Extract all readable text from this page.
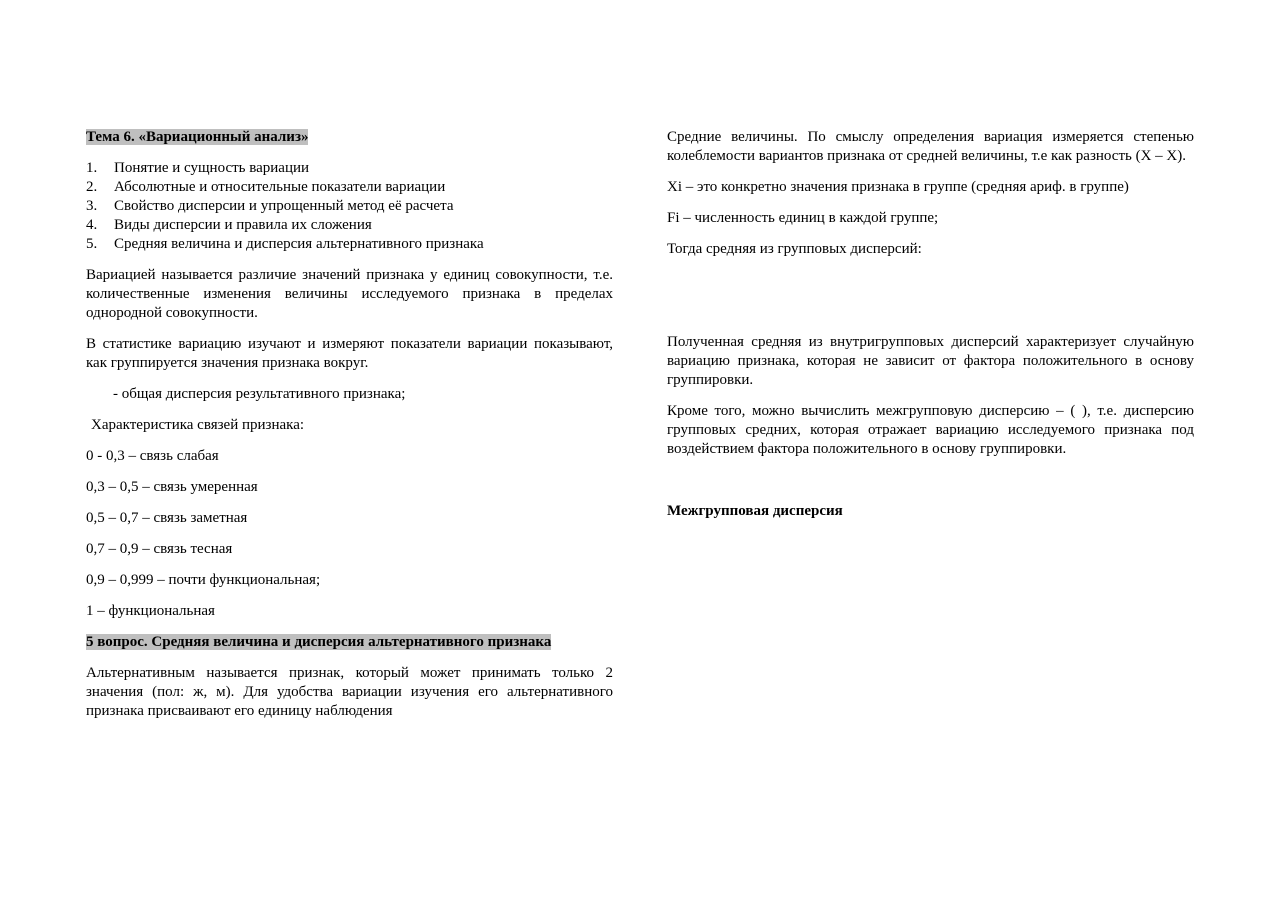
Тема 6. «Вариационный анализ»

1. Понятие и сущность вариации
2. Абсолютные и относительные показатели вариации
3. Свойство дисперсии и упрощенный метод её расчета
4. Виды дисперсии и правила их сложения
5. Средняя величина и дисперсия альтернативного признака

Вариацией называется различие значений признака у единиц совокупности, т.е. количественные изменения величины исследуемого признака в пределах однородной совокупности.

В статистике вариацию изучают и измеряют показатели вариации показывают, как группируется значения признака вокруг.

- общая дисперсия результативного признака;

Характеристика связей признака:

0 - 0,3 – связь слабая

0,3 – 0,5 – связь умеренная

0,5 – 0,7 – связь заметная

0,7 – 0,9 – связь тесная

0,9 – 0,999 – почти функциональная;

1 – функциональная

5 вопрос. Средняя величина и дисперсия альтернативного признака

Альтернативным называется признак, который может принимать только 2 значения (пол: ж, м). Для удобства вариации изучения его альтернативного признака присваивают его единицу наблюдения

Средние величины. По смыслу определения вариация измеряется степенью колеблемости вариантов признака от средней величины, т.е как разность (X – X).

Xi – это конкретно значения признака в группе (средняя ариф. в группе)

Fi – численность единиц в каждой группе;

Тогда средняя из групповых дисперсий:

Полученная средняя из внутригрупповых дисперсий характеризует случайную вариацию признака, которая не зависит от фактора положительного в основу группировки.

Кроме того, можно вычислить межгрупповую дисперсию – ( ), т.е. дисперсию групповых средних, которая отражает вариацию исследуемого признака под воздействием фактора положительного в основу группировки.

Межгрупповая дисперсия
